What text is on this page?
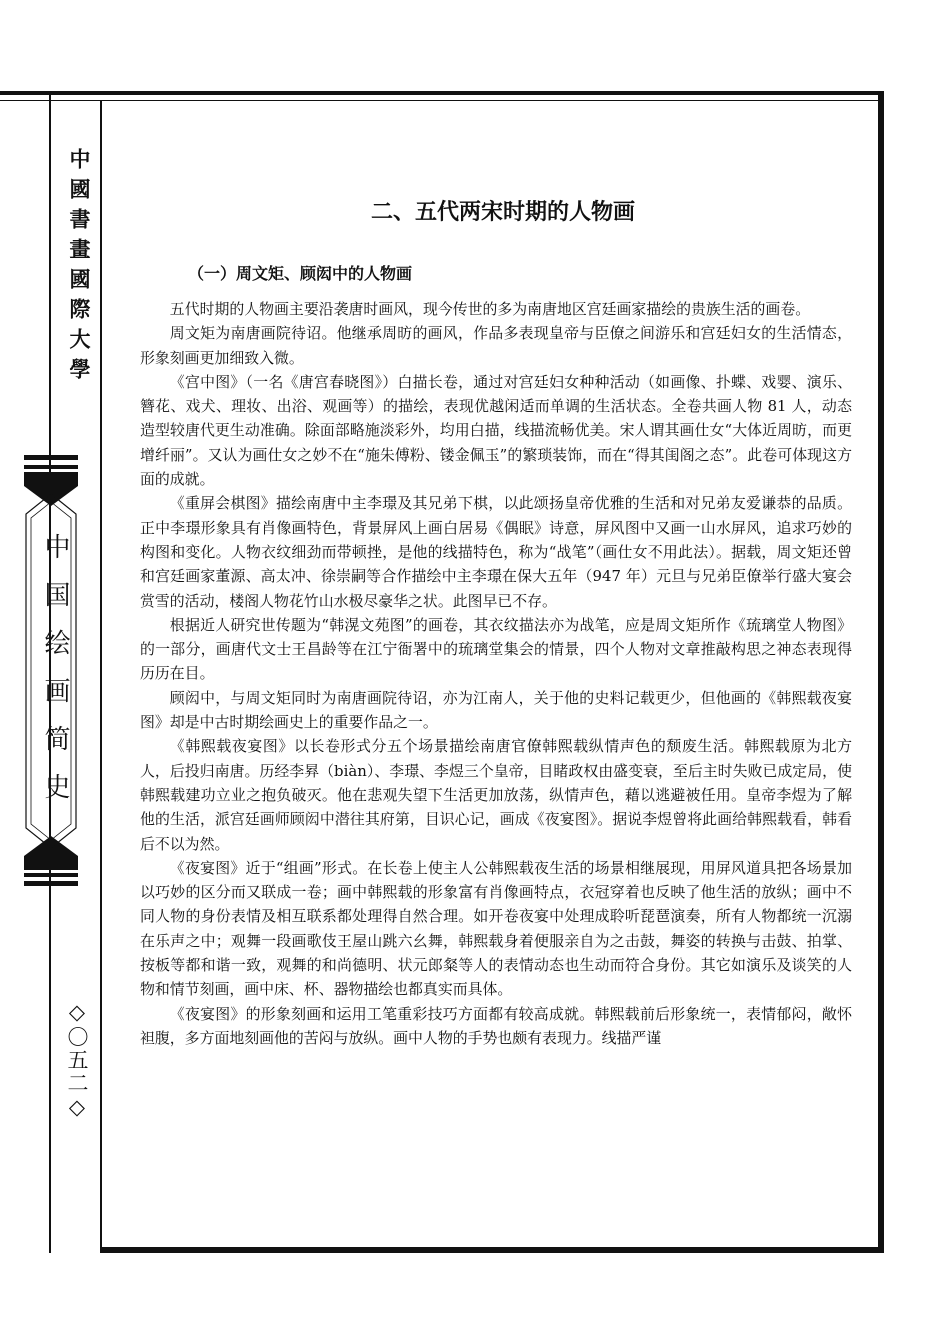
中國書畫國際大學
中国绘画简史
◇〇五二◇
二、五代两宋时期的人物画
（一）周文矩、顾闳中的人物画

五代时期的人物画主要沿袭唐时画风，现今传世的多为南唐地区宫廷画家描绘的贵族生活的画卷。

周文矩为南唐画院待诏。他继承周昉的画风，作品多表现皇帝与臣僚之间游乐和宫廷妇女的生活情态，形象刻画更加细致入微。

《宫中图》（一名《唐宫春晓图》）白描长卷，通过对宫廷妇女种种活动（如画像、扑蝶、戏婴、演乐、簪花、戏犬、理妆、出浴、观画等）的描绘，表现优越闲适而单调的生活状态。全卷共画人物 81 人，动态造型较唐代更生动准确。除面部略施淡彩外，均用白描，线描流畅优美。宋人谓其画仕女“大体近周昉，而更增纤丽”。又认为画仕女之妙不在“施朱傅粉、镂金佩玉”的繁琐装饰，而在“得其闺阁之态”。此卷可体现这方面的成就。

《重屏会棋图》描绘南唐中主李璟及其兄弟下棋，以此颂扬皇帝优雅的生活和对兄弟友爱谦恭的品质。正中李璟形象具有肖像画特色，背景屏风上画白居易《偶眠》诗意，屏风图中又画一山水屏风，追求巧妙的构图和变化。人物衣纹细劲而带顿挫，是他的线描特色，称为“战笔”（画仕女不用此法）。据载，周文矩还曾和宫廷画家董源、高太冲、徐崇嗣等合作描绘中主李璟在保大五年（947 年）元旦与兄弟臣僚举行盛大宴会赏雪的活动，楼阁人物花竹山水极尽豪华之状。此图早已不存。

根据近人研究世传题为“韩滉文苑图”的画卷，其衣纹描法亦为战笔，应是周文矩所作《琉璃堂人物图》的一部分，画唐代文士王昌龄等在江宁衙署中的琉璃堂集会的情景，四个人物对文章推敲构思之神态表现得历历在目。

顾闳中，与周文矩同时为南唐画院待诏，亦为江南人，关于他的史料记载更少，但他画的《韩熙载夜宴图》却是中古时期绘画史上的重要作品之一。

《韩熙载夜宴图》以长卷形式分五个场景描绘南唐官僚韩熙载纵情声色的颓废生活。韩熙载原为北方人，后投归南唐。历经李昪（biàn）、李璟、李煜三个皇帝，目睹政权由盛变衰，至后主时失败已成定局，使韩熙载建功立业之抱负破灭。他在悲观失望下生活更加放荡，纵情声色，藉以逃避被任用。皇帝李煜为了解他的生活，派宫廷画师顾闳中潜往其府第，目识心记，画成《夜宴图》。据说李煜曾将此画给韩熙载看，韩看后不以为然。

《夜宴图》近于“组画”形式。在长卷上使主人公韩熙载夜生活的场景相继展现，用屏风道具把各场景加以巧妙的区分而又联成一卷；画中韩熙载的形象富有肖像画特点，衣冠穿着也反映了他生活的放纵；画中不同人物的身份表情及相互联系都处理得自然合理。如开卷夜宴中处理成聆听琵琶演奏，所有人物都统一沉溺在乐声之中；观舞一段画歌伎王屋山跳六幺舞，韩熙载身着便服亲自为之击鼓，舞姿的转换与击鼓、拍掌、按板等都和谐一致，观舞的和尚德明、状元郎粲等人的表情动态也生动而符合身份。其它如演乐及谈笑的人物和情节刻画，画中床、杯、器物描绘也都真实而具体。

《夜宴图》的形象刻画和运用工笔重彩技巧方面都有较高成就。韩熙载前后形象统一，表情郁闷，敞怀袒腹，多方面地刻画他的苦闷与放纵。画中人物的手势也颇有表现力。线描严谨
